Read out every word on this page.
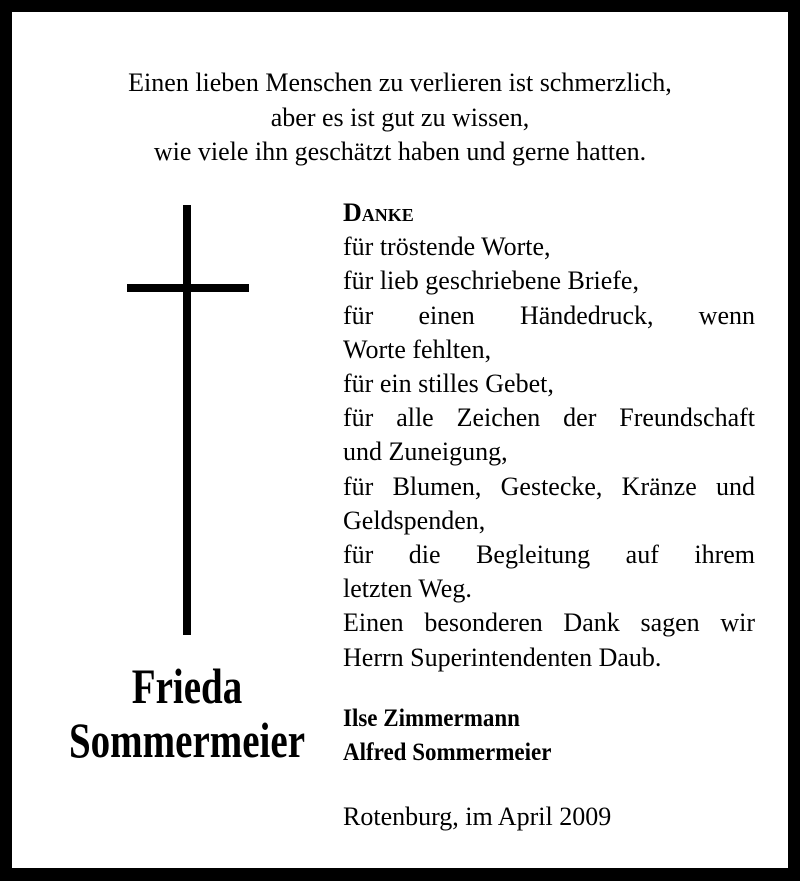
Einen lieben Menschen zu verlieren ist schmerzlich,
aber es ist gut zu wissen,
wie viele ihn geschätzt haben und gerne hatten.
Danke
für tröstende Worte,
für lieb geschriebene Briefe,
für einen Händedruck, wenn
Worte fehlten,
für ein stilles Gebet,
für alle Zeichen der Freundschaft
und Zuneigung,
für Blumen, Gestecke, Kränze und
Geldspenden,
für die Begleitung auf ihrem
letzten Weg.
Einen besonderen Dank sagen wir
Herrn Superintendenten Daub.
Frieda
Sommermeier	Ilse Zimmermann
Alfred Sommermeier
Rotenburg, im April 2009
